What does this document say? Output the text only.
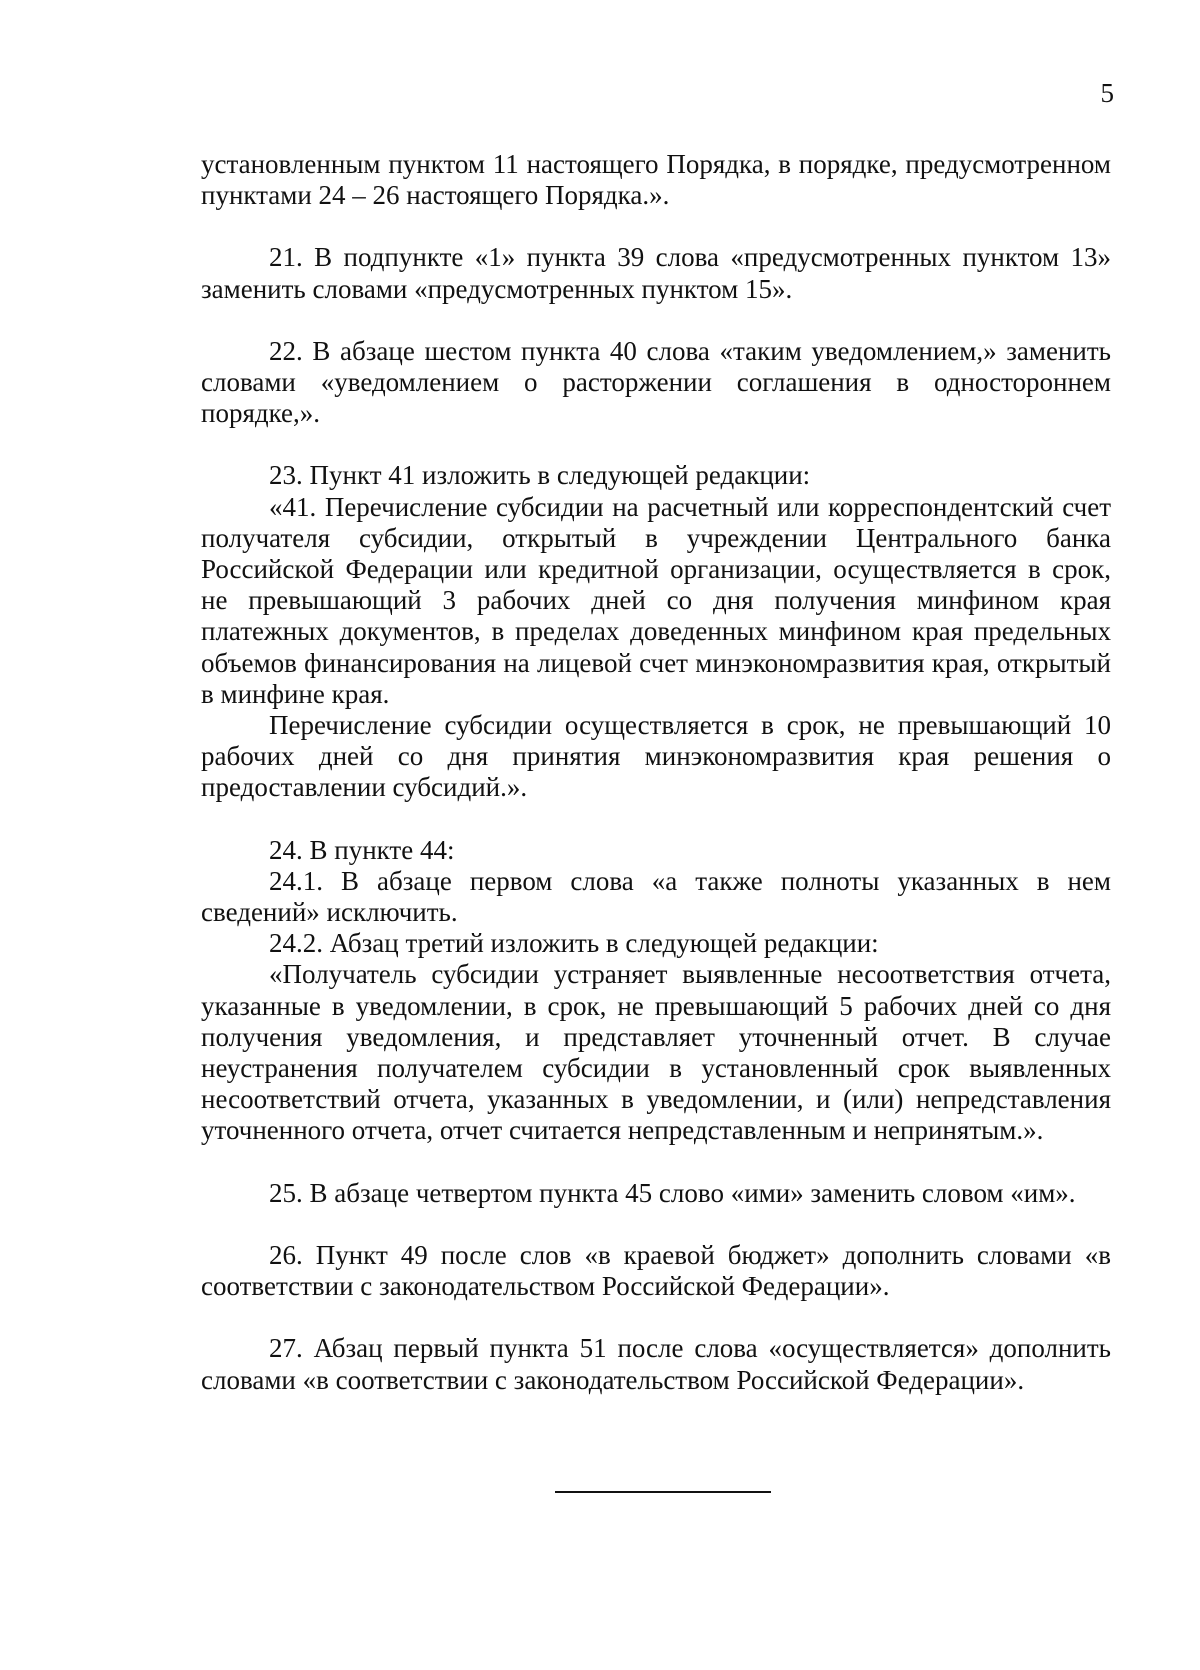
5

установленным пунктом 11 настоящего Порядка, в порядке, предусмотренном пунктами 24 – 26 настоящего Порядка.».

21. В подпункте «1» пункта 39 слова «предусмотренных пунктом 13» заменить словами «предусмотренных пунктом 15».

22. В абзаце шестом пункта 40 слова «таким уведомлением,» заменить словами «уведомлением о расторжении соглашения в одностороннем порядке,».

23. Пункт 41 изложить в следующей редакции:

«41. Перечисление субсидии на расчетный или корреспондентский счет получателя субсидии, открытый в учреждении Центрального банка Российской Федерации или кредитной организации, осуществляется в срок, не превышающий 3 рабочих дней со дня получения минфином края платежных документов, в пределах доведенных минфином края предельных объемов финансирования на лицевой счет минэкономразвития края, открытый в минфине края.

Перечисление субсидии осуществляется в срок, не превышающий 10 рабочих дней со дня принятия минэкономразвития края решения о предоставлении субсидий.».

24. В пункте 44:

24.1. В абзаце первом слова «а также полноты указанных в нем сведений» исключить.

24.2. Абзац третий изложить в следующей редакции:

«Получатель субсидии устраняет выявленные несоответствия отчета, указанные в уведомлении, в срок, не превышающий 5 рабочих дней со дня получения уведомления, и представляет уточненный отчет. В случае неустранения получателем субсидии в установленный срок выявленных несоответствий отчета, указанных в уведомлении, и (или) непредставления уточненного отчета, отчет считается непредставленным и непринятым.».

25. В абзаце четвертом пункта 45 слово «ими» заменить словом «им».

26. Пункт 49 после слов «в краевой бюджет» дополнить словами «в соответствии с законодательством Российской Федерации».

27. Абзац первый пункта 51 после слова «осуществляется» дополнить словами «в соответствии с законодательством Российской Федерации».
